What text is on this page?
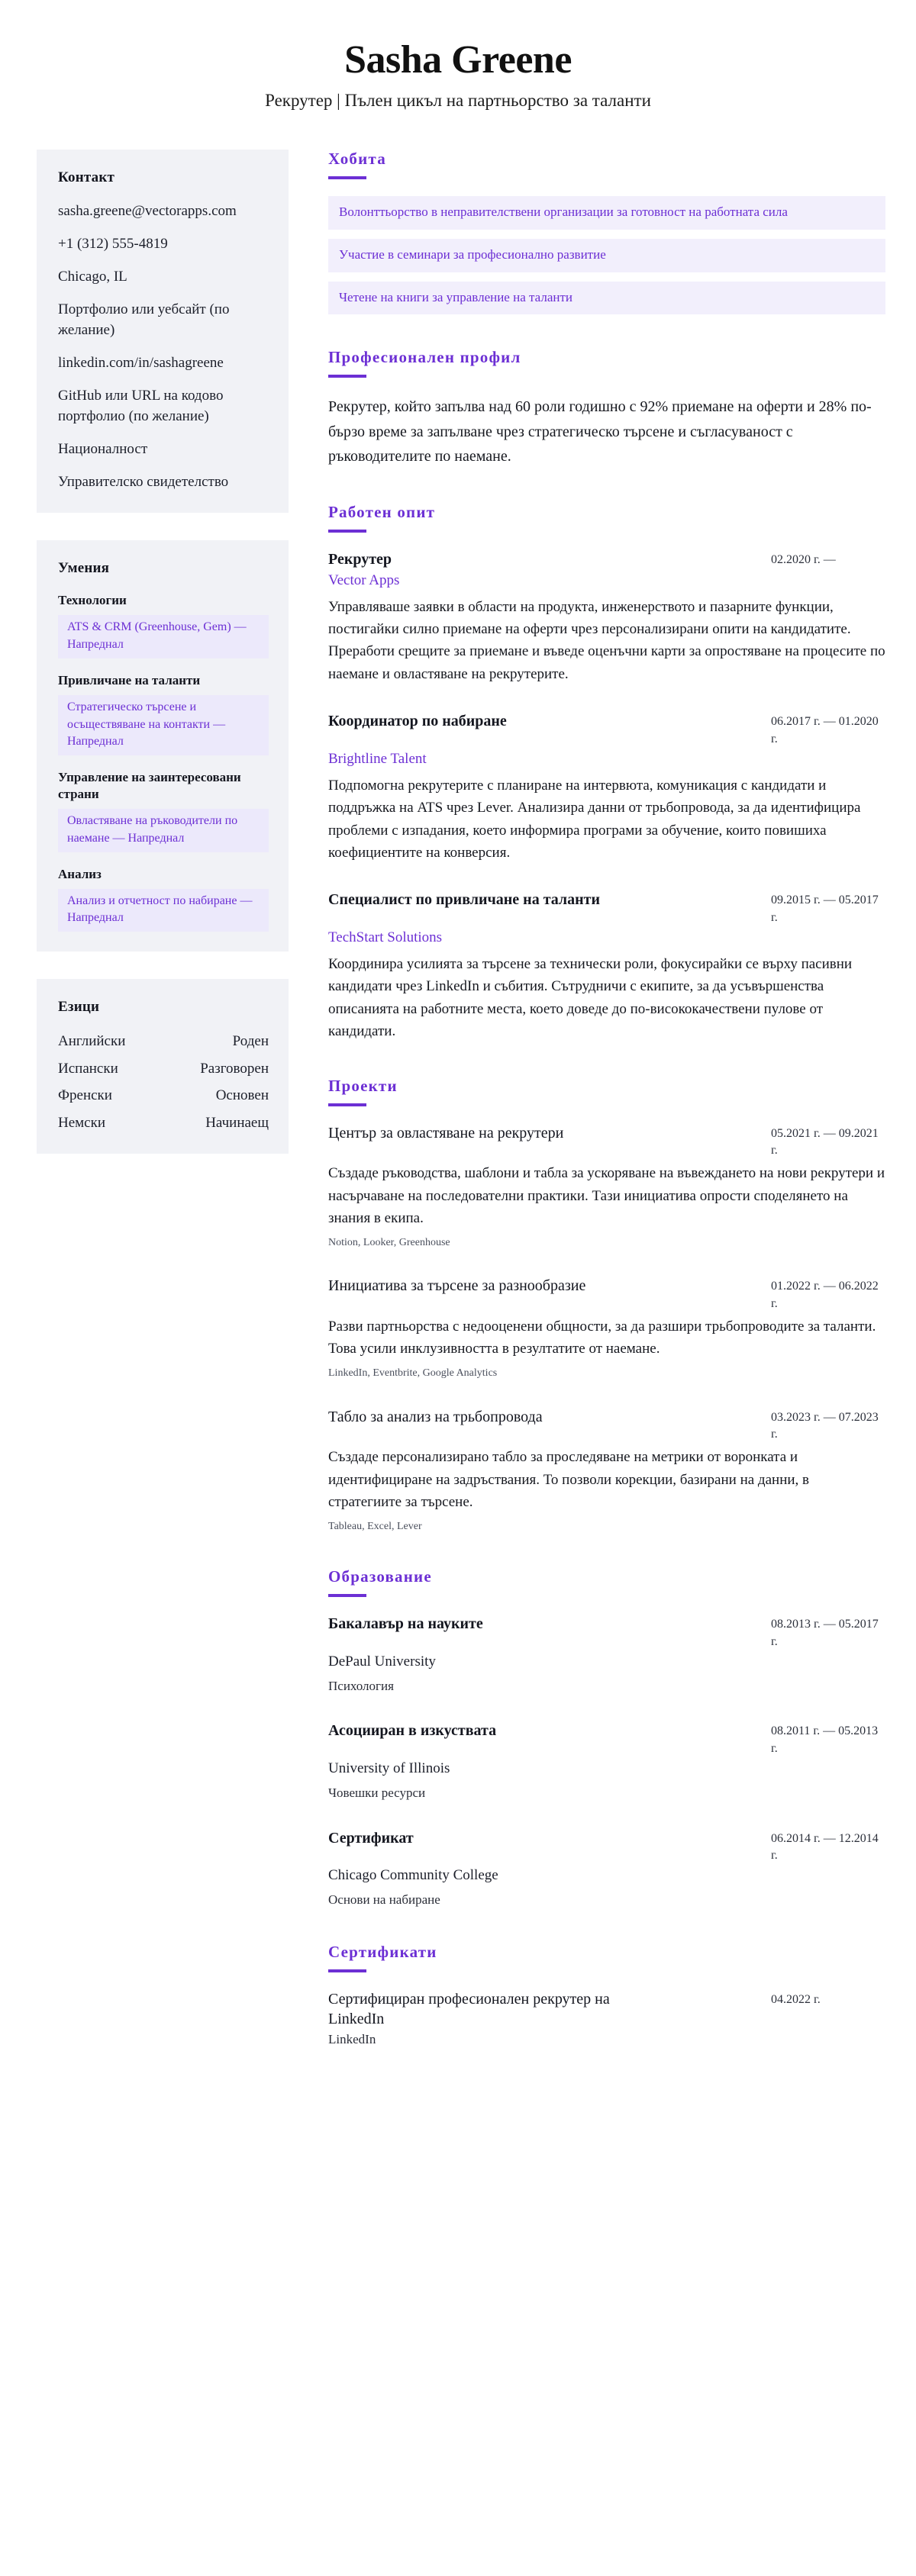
Sasha Greene

Рекрутер | Пълен цикъл на партньорство за таланти

Контакт
sasha.greene@vectorapps.com
+1 (312) 555-4819
Chicago, IL
Портфолио или уебсайт (по желание)
linkedin.com/in/sashagreene
GitHub или URL на кодово портфолио (по желание)
Националност
Управителско свидетелство
Умения
Технологии
ATS & CRM (Greenhouse, Gem) — Напреднал
Привличане на таланти
Стратегическо търсене и осъществяване на контакти — Напреднал
Управление на заинтересовани страни
Овластяване на ръководители по наемане — Напреднал
Анализ
Анализ и отчетност по набиране — Напреднал
Езици
Английски	Роден
Испански	Разговорен
Френски	Основен
Немски	Начинаещ
Хобита
Волонттьорство в неправителствени организации за готовност на работната сила
Участие в семинари за професионално развитие
Четене на книги за управление на таланти
Професионален профил

Рекрутер, който запълва над 60 роли годишно с 92% приемане на оферти и 28% по-бързо време за запълване чрез стратегическо търсене и съгласуваност с ръководителите по наемане.

Работен опит
Рекрутер	02.2020 г. —
Vector Apps

Управляваше заявки в области на продукта, инженерството и пазарните функции, постигайки силно приемане на оферти чрез персонализирани опити на кандидатите. Преработи срещите за приемане и въведе оценъчни карти за опростяване на процесите по наемане и овластяване на рекрутерите.

Координатор по набиране	06.2017 г. — 01.2020 г.
Brightline Talent

Подпомогна рекрутерите с планиране на интервюта, комуникация с кандидати и поддръжка на ATS чрез Lever. Анализира данни от трьбопровода, за да идентифицира проблеми с изпадания, което информира програми за обучение, които повишиха коефициентите на конверсия.

Специалист по привличане на таланти	09.2015 г. — 05.2017 г.
TechStart Solutions

Координира усилията за търсене за технически роли, фокусирайки се върху пасивни кандидати чрез LinkedIn и събития. Сътрудничи с екипите, за да усъвършенства описанията на работните места, което доведе до по-висококачествени пулове от кандидати.

Проекти
Център за овластяване на рекрутери	05.2021 г. — 09.2021 г.

Създаде ръководства, шаблони и табла за ускоряване на въвеждането на нови рекрутери и насърчаване на последователни практики. Тази инициатива опрости споделянето на знания в екипа.

Notion, Looker, Greenhouse

Инициатива за търсене за разнообразие	01.2022 г. — 06.2022 г.

Разви партньорства с недооценени общности, за да разшири трьбопроводите за таланти. Това усили инклузивността в резултатите от наемане.

LinkedIn, Eventbrite, Google Analytics

Табло за анализ на трьбопровода	03.2023 г. — 07.2023 г.

Създаде персонализирано табло за проследяване на метрики от воронката и идентифициране на задръствания. То позволи корекции, базирани на данни, в стратегиите за търсене.

Tableau, Excel, Lever

Образование
Бакалавър на науките	08.2013 г. — 05.2017 г.
DePaul University

Психология

Асоцииран в изкуствата	08.2011 г. — 05.2013 г.
University of Illinois

Човешки ресурси

Сертификат	06.2014 г. — 12.2014 г.
Chicago Community College

Основи на набиране

Сертификати
Сертифициран професионален рекрутер на LinkedIn
04.2022 г.

LinkedIn
